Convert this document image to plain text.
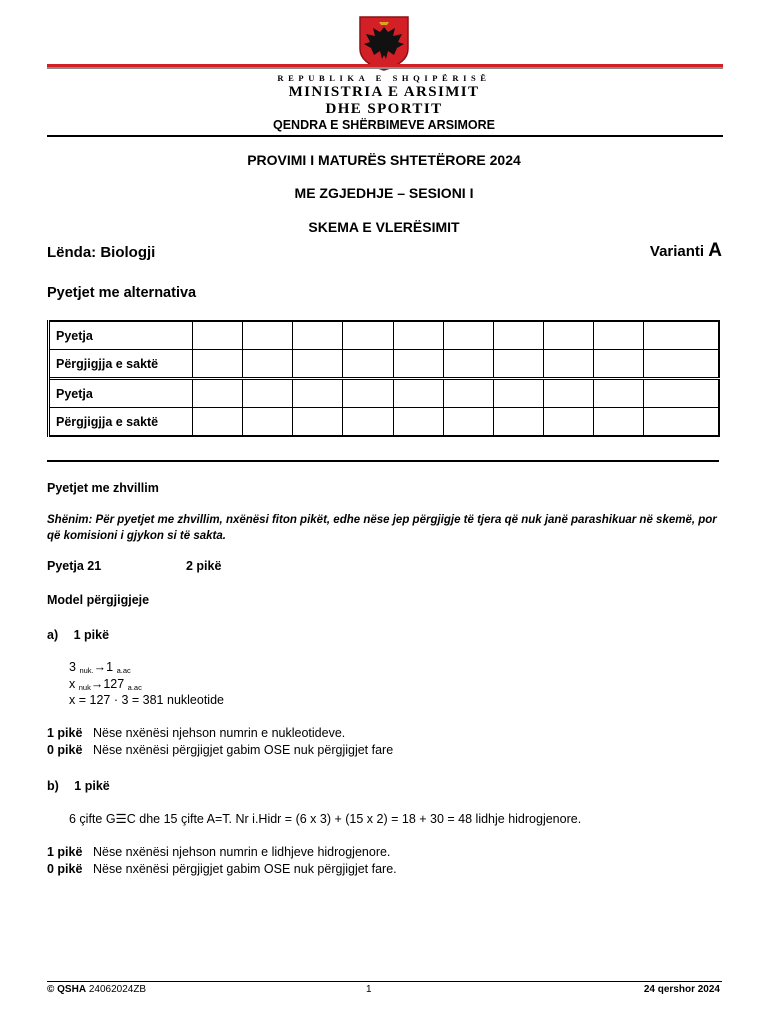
REPUBLIKA E SHQIPËRISË
MINISTRIA E ARSIMIT
DHE SPORTIT
QENDRA E SHËRBIMEVE ARSIMORE
PROVIMI I MATURËS SHTETËRORE 2024
ME ZGJEDHJE – SESIONI I
SKEMA E VLERËSIMIT
Lënda: Biologji	Varianti A
Pyetjet me alternativa
Pyetja										
Përgjigjja e saktë										
Pyetja										
Përgjigjja e saktë										
Pyetjet me zhvillim
Shënim: Për pyetjet me zhvillim, nxënësi fiton pikët, edhe nëse jep përgjigje të tjera që nuk janë parashikuar në skemë, por që komisioni i gjykon si të sakta.
Pyetja 21	2 pikë
Model përgjigjeje
a) 1 pikë
3 $_{nuk.}$→1 $_{a.ac}$
x $_{nuk}$→127 $_{a.ac}$
x = 127 · 3 = 381 nukleotide
1 pikë Nëse nxënësi njehson numrin e nukleotideve.
0 pikë Nëse nxënësi përgjigjet gabim OSE nuk përgjigjet fare
b) 1 pikë
6 çifte G☰C dhe 15 çifte A=T. Nr i.Hidr = (6 x 3) + (15 x 2) = 18 + 30 = 48 lidhje hidrogjenore.
1 pikë Nëse nxënësi njehson numrin e lidhjeve hidrogjenore.
0 pikë Nëse nxënësi përgjigjet gabim OSE nuk përgjigjet fare.
© QSHA 24062024ZB	1	24 qershor 2024
